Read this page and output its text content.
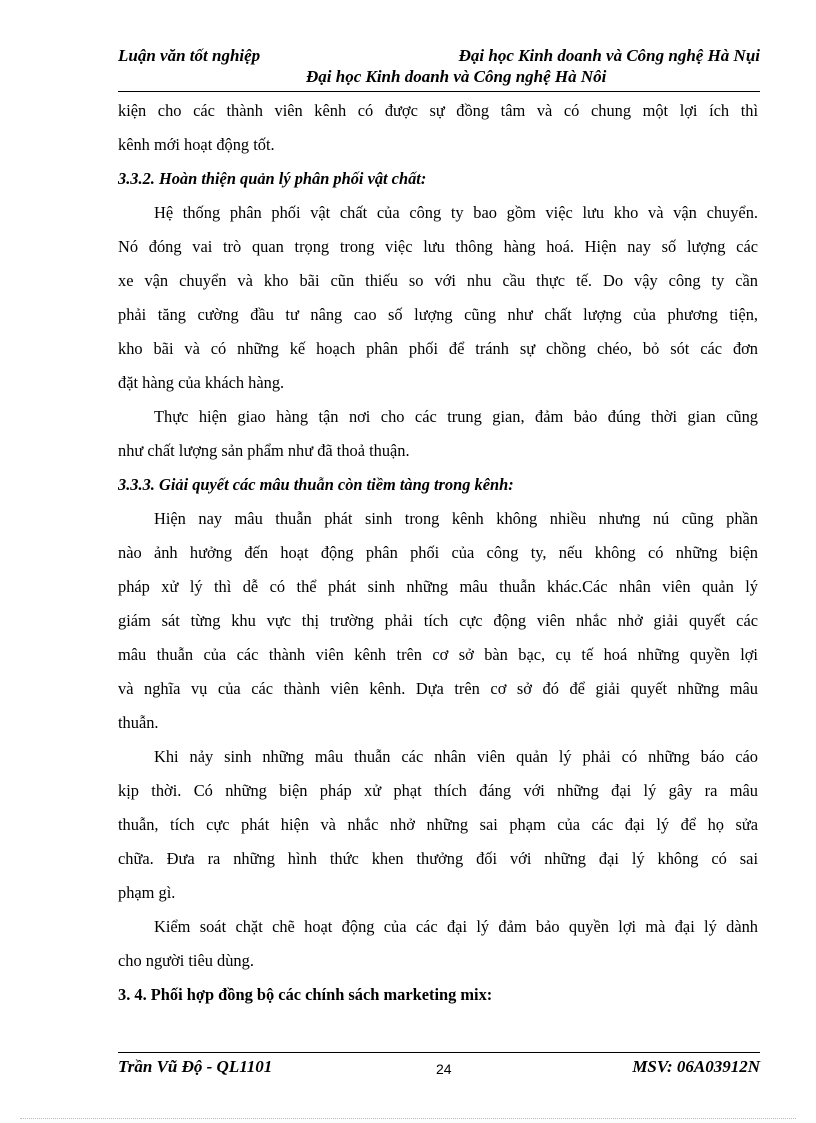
Luận văn tốt nghiệp	Đại học Kinh doanh và Công nghệ Hà Nụi
Đại học Kinh doanh và Công nghệ Hà Nôi
kiện cho các thành viên kênh có được sự đồng tâm và có chung một lợi ích thì
kênh mới hoạt động tốt.
3.3.2. Hoàn thiện quản lý phân phối vật chất:
Hệ thống phân phối vật chất của công ty bao gồm việc lưu kho và vận chuyển.
Nó đóng vai trò quan trọng trong việc lưu thông hàng hoá. Hiện nay số lượng các
xe vận chuyển và kho bãi cũn thiếu so với nhu cầu thực tế. Do vậy công ty cần
phải tăng cường đầu tư nâng cao số lượng cũng như chất lượng của phương tiện,
kho bãi và có những kế hoạch phân phối để tránh sự chồng chéo, bỏ sót các đơn
đặt hàng của khách hàng.
Thực hiện giao hàng tận nơi cho các trung gian, đảm bảo đúng thời gian cũng
như chất lượng sản phẩm như đã thoả thuận.
3.3.3. Giải quyết các mâu thuẫn còn tiềm tàng trong kênh:
Hiện nay mâu thuẫn phát sinh trong kênh không nhiều nhưng nú cũng phần
nào ảnh hưởng đến hoạt động phân phối của công ty, nếu không có những biện
pháp xử lý thì dễ có thể phát sinh những mâu thuẫn khác.Các nhân viên quản lý
giám sát từng khu vực thị trường phải tích cực động viên nhắc nhở giải quyết các
mâu thuẫn của các thành viên kênh trên cơ sở bàn bạc, cụ tế hoá những quyền lợi
và nghĩa vụ của các thành viên kênh. Dựa trên cơ sở đó để giải quyết những mâu
thuẫn.
Khi nảy sinh những mâu thuẫn các nhân viên quản lý phải có những báo cáo
kịp thời. Có những biện pháp xử phạt thích đáng với những đại lý gây ra mâu
thuẫn, tích cực phát hiện và nhắc nhở những sai phạm của các đại lý để họ sửa
chữa. Đưa ra những hình thức khen thưởng đối với những đại lý không có sai
phạm gì.
Kiểm soát chặt chẽ hoạt động của các đại lý đảm bảo quyền lợi mà đại lý dành
cho người tiêu dùng.
3. 4. Phối hợp đồng bộ các chính sách marketing mix:
Trần Vũ Độ - QL1101	24	MSV: 06A03912N
